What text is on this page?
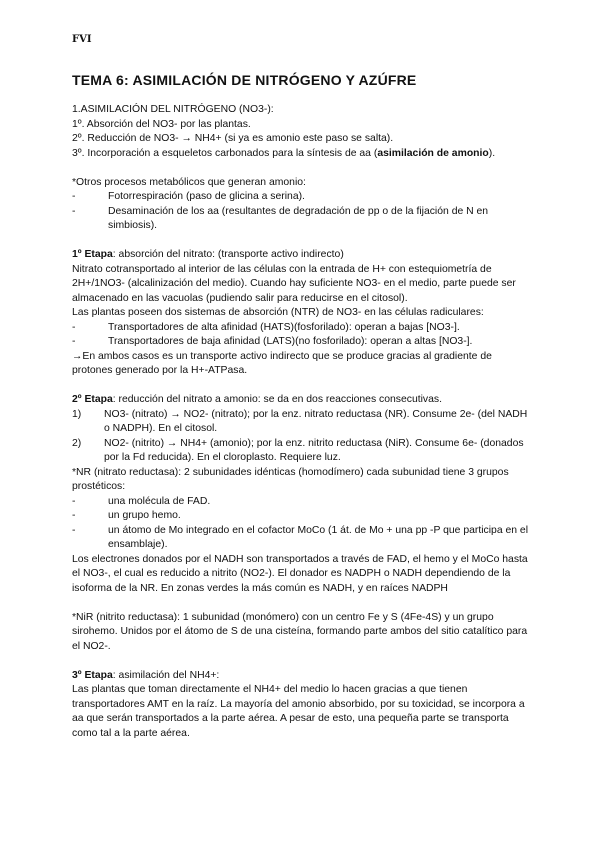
FVI
TEMA 6: ASIMILACIÓN DE NITRÓGENO Y AZÚFRE

1.ASIMILACIÓN DEL NITRÓGENO (NO3-):

1º. Absorción del NO3- por las plantas.

2º. Reducción de NO3- → NH4+ (si ya es amonio este paso se salta).

3º. Incorporación a esqueletos carbonados para la síntesis de aa (asimilación de amonio).

*Otros procesos metabólicos que generan amonio:

- Fotorrespiración (paso de glicina a serina).

- Desaminación de los aa (resultantes de degradación de pp o de la fijación de N en simbiosis).

1º Etapa: absorción del nitrato: (transporte activo indirecto)

Nitrato cotransportado al interior de las células con la entrada de H+ con estequiometría de 2H+/1NO3- (alcalinización del medio). Cuando hay suficiente NO3- en el medio, parte puede ser almacenado en las vacuolas (pudiendo salir para reducirse en el citosol).

Las plantas poseen dos sistemas de absorción (NTR) de NO3- en las células radiculares:

- Transportadores de alta afinidad (HATS)(fosforilado): operan a bajas [NO3-].

- Transportadores de baja afinidad (LATS)(no fosforilado): operan a altas [NO3-].

→En ambos casos es un transporte activo indirecto que se produce gracias al gradiente de protones generado por la H+-ATPasa.

2º Etapa: reducción del nitrato a amonio: se da en dos reacciones consecutivas.

1) NO3- (nitrato) → NO2- (nitrato); por la enz. nitrato reductasa (NR). Consume 2e- (del NADH o NADPH). En el citosol.

2) NO2- (nitrito) → NH4+ (amonio); por la enz. nitrito reductasa (NiR). Consume 6e- (donados por la Fd reducida). En el cloroplasto. Requiere luz.

*NR (nitrato reductasa): 2 subunidades idénticas (homodímero) cada subunidad tiene 3 grupos prostéticos:

- una molécula de FAD.

- un grupo hemo.

- un átomo de Mo integrado en el cofactor MoCo (1 át. de Mo + una pp -P que participa en el ensamblaje).

Los electrones donados por el NADH son transportados a través de FAD, el hemo y el MoCo hasta el NO3-, el cual es reducido a nitrito (NO2-). El donador es NADPH o NADH dependiendo de la isoforma de la NR. En zonas verdes la más común es NADH, y en raíces NADPH

*NiR (nitrito reductasa): 1 subunidad (monómero) con un centro Fe y S (4Fe-4S) y un grupo sirohemo. Unidos por el átomo de S de una cisteína, formando parte ambos del sitio catalítico para el NO2-.

3º Etapa: asimilación del NH4+:

Las plantas que toman directamente el NH4+ del medio lo hacen gracias a que tienen transportadores AMT en la raíz. La mayoría del amonio absorbido, por su toxicidad, se incorpora a aa que serán transportados a la parte aérea. A pesar de esto, una pequeña parte se transporta como tal a la parte aérea.
